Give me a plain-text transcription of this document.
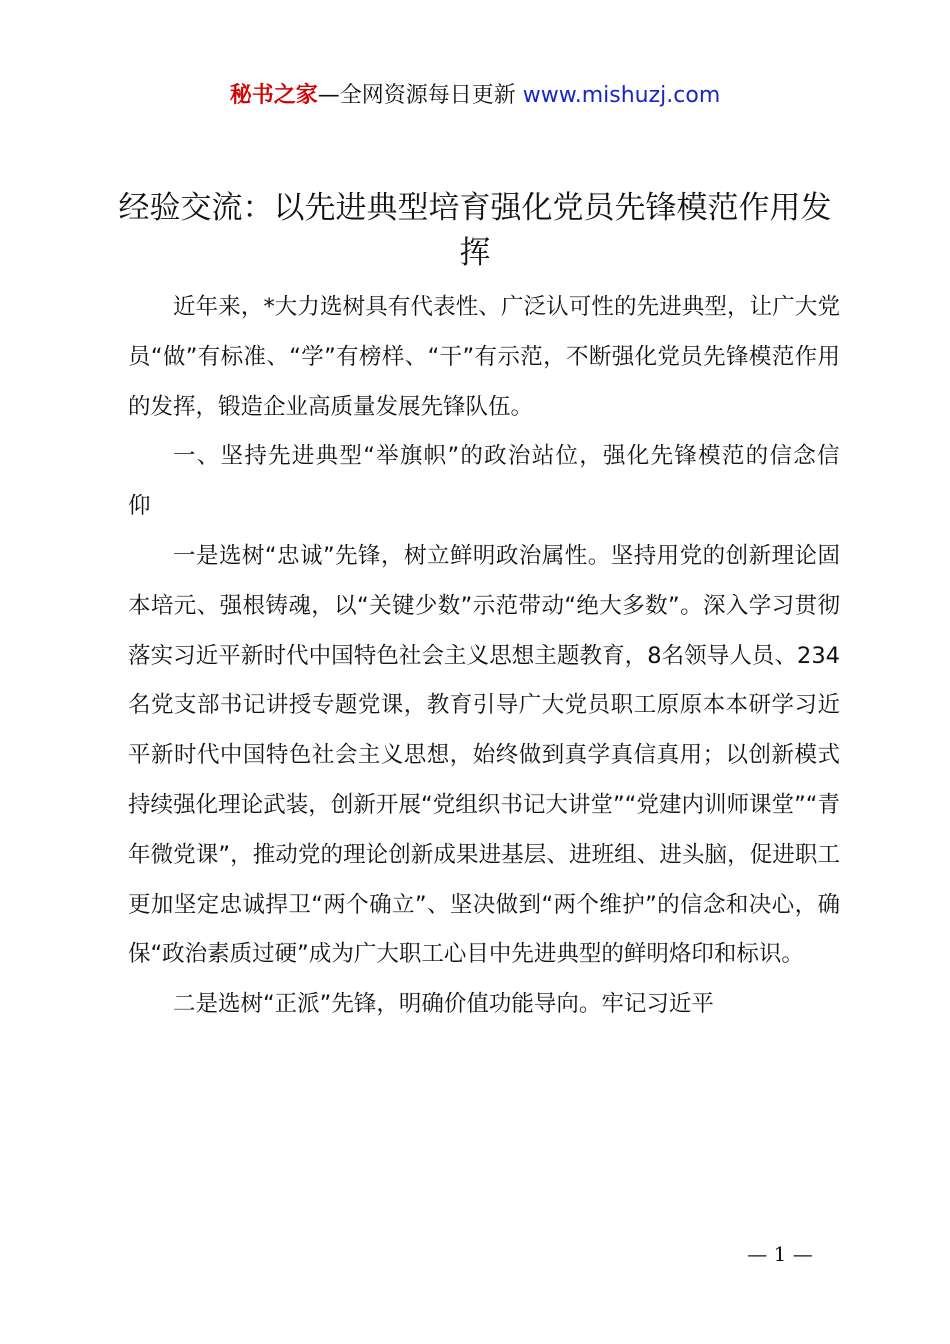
秘书之家—全网资源每日更新 www.mishuzj.com
经验交流：以先进典型培育强化党员先锋模范作用发挥

近年来，*大力选树具有代表性、广泛认可性的先进典型，让广大党员“做”有标准、“学”有榜样、“干”有示范，不断强化党员先锋模范作用的发挥，锻造企业高质量发展先锋队伍。

一、坚持先进典型“举旗帜”的政治站位，强化先锋模范的信念信仰

一是选树“忠诚”先锋，树立鲜明政治属性。坚持用党的创新理论固本培元、强根铸魂，以“关键少数”示范带动“绝大多数”。深入学习贯彻落实习近平新时代中国特色社会主义思想主题教育，8名领导人员、234名党支部书记讲授专题党课，教育引导广大党员职工原原本本研学习近平新时代中国特色社会主义思想，始终做到真学真信真用；以创新模式持续强化理论武装，创新开展“党组织书记大讲堂”“党建内训师课堂”“青年微党课”，推动党的理论创新成果进基层、进班组、进头脑，促进职工更加坚定忠诚捍卫“两个确立”、坚决做到“两个维护”的信念和决心，确保“政治素质过硬”成为广大职工心目中先进典型的鲜明烙印和标识。

二是选树“正派”先锋，明确价值功能导向。牢记习近平

— 1 —
